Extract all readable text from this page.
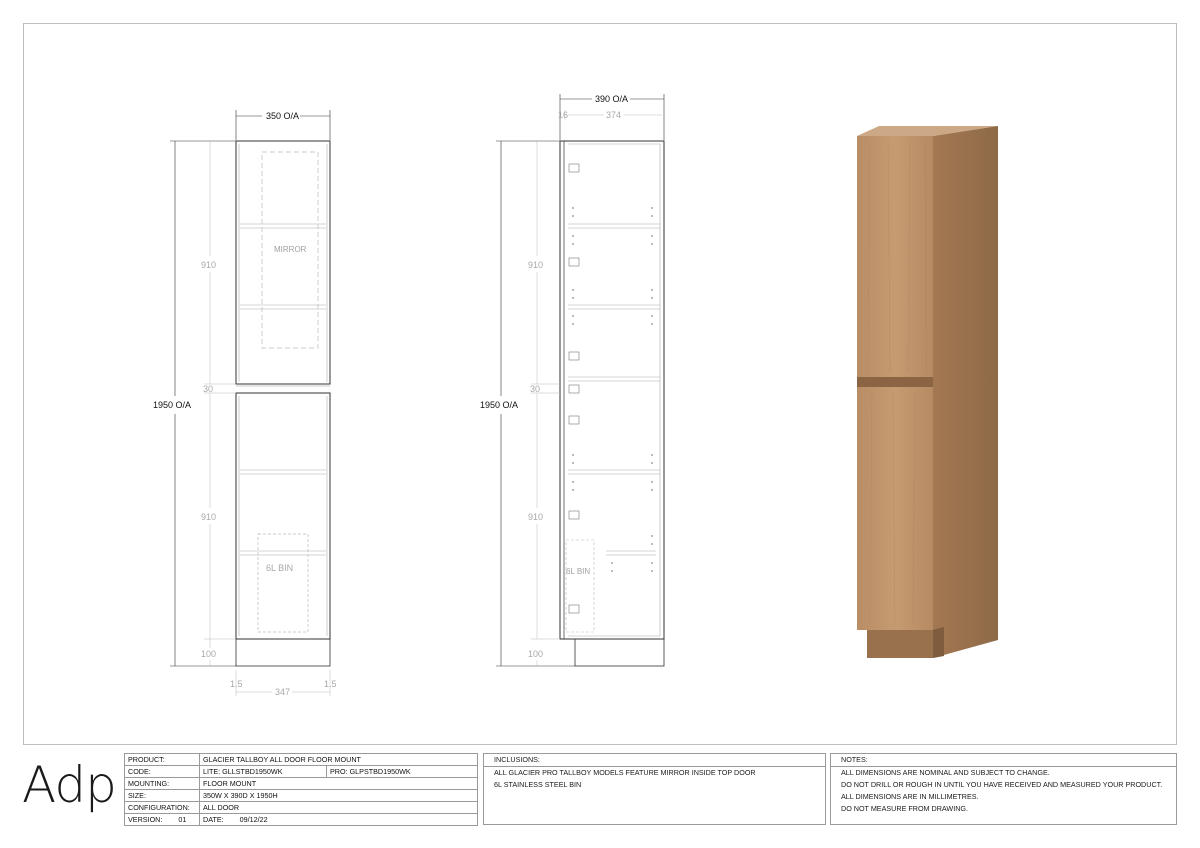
350 O/A
1950 O/A
910
30
910
100
1.5
347
1.5
MIRROR
6L BIN
390 O/A
16	374
1950 O/A
910
30
910
100
6L BIN
Adp PRODUCT:	GLACIER TALLBOY ALL DOOR FLOOR MOUNT	
CODE:	LITE: GLLSTBD1950WK	PRO: GLPSTBD1950WK
MOUNTING:	FLOOR MOUNT	
SIZE:	350W X 390D X 1950H	
CONFIGURATION:	ALL DOOR	
VERSION: 01	DATE: 09/12/22	
INCLUSIONS:
ALL GLACIER PRO TALLBOY MODELS FEATURE MIRROR INSIDE TOP DOOR
6L STAINLESS STEEL BIN
NOTES:
ALL DIMENSIONS ARE NOMINAL AND SUBJECT TO CHANGE.
DO NOT DRILL OR ROUGH IN UNTIL YOU HAVE RECEIVED AND MEASURED YOUR PRODUCT.
ALL DIMENSIONS ARE IN MILLIMETRES.
DO NOT MEASURE FROM DRAWING.
